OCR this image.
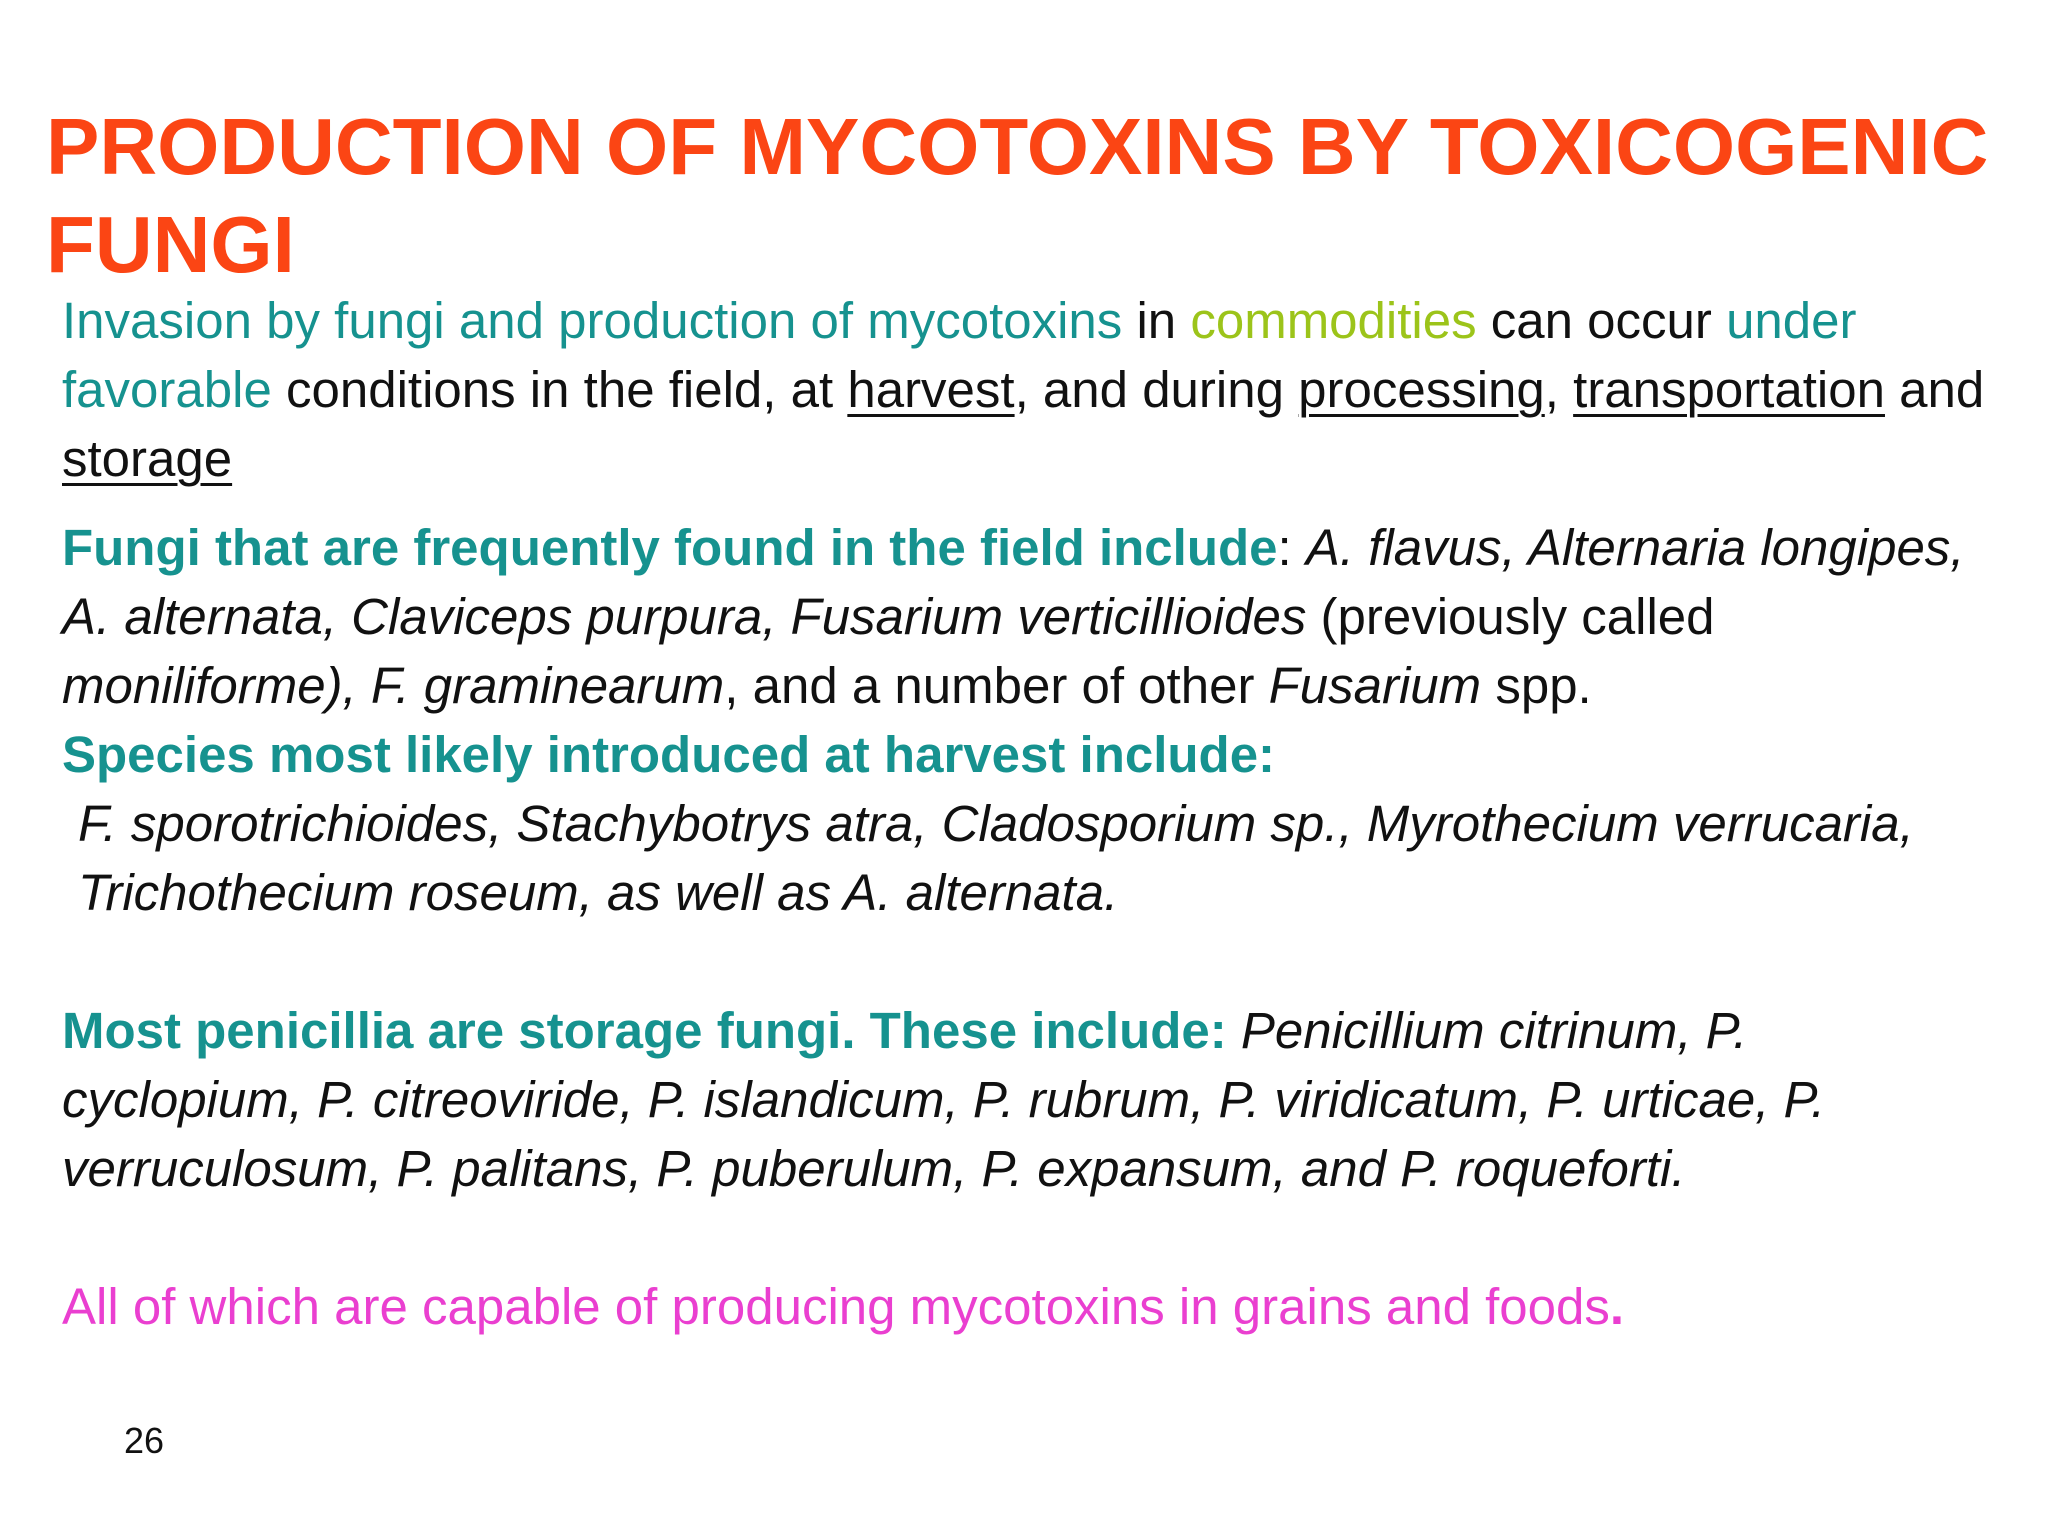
PRODUCTION OF MYCOTOXINS BY TOXICOGENIC FUNGI

Invasion by fungi and production of mycotoxins in commodities can occur under favorable conditions in the field, at harvest, and during processing, transportation and storage

Fungi that are frequently found in the field include: A. flavus, Alternaria longipes, A. alternata, Claviceps purpura, Fusarium verticillioides (previously called moniliforme), F. graminearum, and a number of other Fusarium spp.

Species most likely introduced at harvest include:

F. sporotrichioides, Stachybotrys atra, Cladosporium sp., Myrothecium verrucaria, Trichothecium roseum, as well as A. alternata.

Most penicillia are storage fungi. These include: Penicillium citrinum, P. cyclopium, P. citreoviride, P. islandicum, P. rubrum, P. viridicatum, P. urticae, P. verruculosum, P. palitans, P. puberulum, P. expansum, and P. roqueforti.

All of which are capable of producing mycotoxins in grains and foods.

26
